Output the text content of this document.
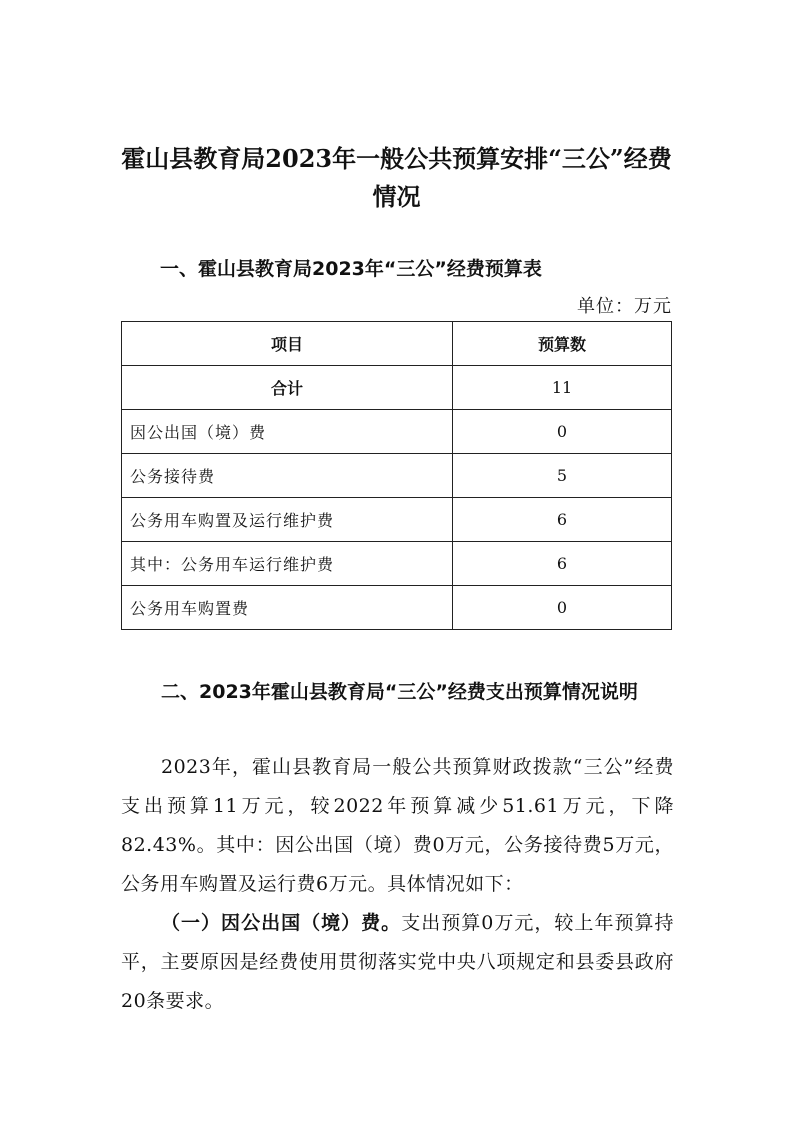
霍山县教育局2023年一般公共预算安排“三公”经费情况
一、霍山县教育局2023年“三公”经费预算表
单位：万元
项目	预算数
合计	11
因公出国（境）费	0
公务接待费	5
公务用车购置及运行维护费	6
其中：公务用车运行维护费	6
公务用车购置费	0
二、2023年霍山县教育局“三公”经费支出预算情况说明

2023年，霍山县教育局一般公共预算财政拨款“三公”经费支出预算11万元，较2022年预算减少51.61万元，下降82.43%。其中：因公出国（境）费0万元，公务接待费5万元，公务用车购置及运行费6万元。具体情况如下：

（一）因公出国（境）费。支出预算0万元，较上年预算持平，主要原因是经费使用贯彻落实党中央八项规定和县委县政府20条要求。
